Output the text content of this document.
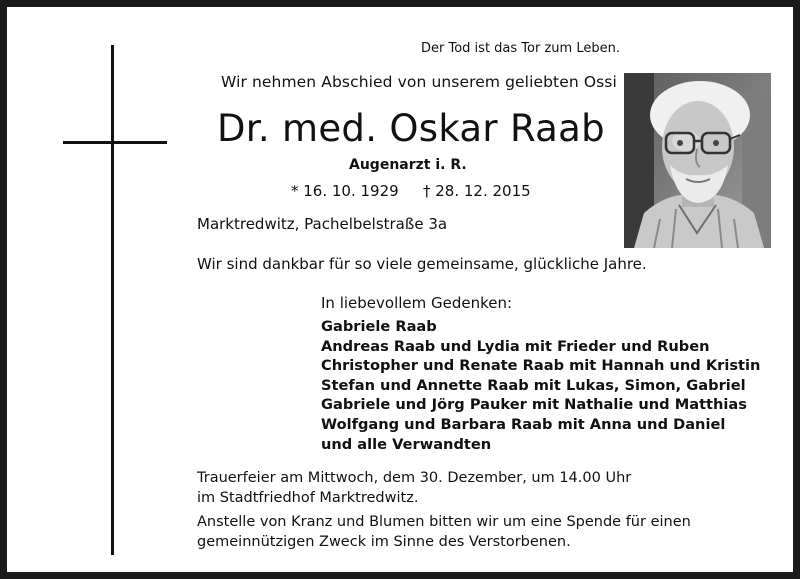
Der Tod ist das Tor zum Leben.
Wir nehmen Abschied von unserem geliebten Ossi
Dr. med. Oskar Raab
Augenarzt i. R.
* 16. 10. 1929 † 28. 12. 2015
Marktredwitz, Pachelbelstraße 3a
Wir sind dankbar für so viele gemeinsame, glückliche Jahre.
In liebevollem Gedenken:
Gabriele Raab
Andreas Raab und Lydia mit Frieder und Ruben
Christopher und Renate Raab mit Hannah und Kristin
Stefan und Annette Raab mit Lukas, Simon, Gabriel
Gabriele und Jörg Pauker mit Nathalie und Matthias
Wolfgang und Barbara Raab mit Anna und Daniel
und alle Verwandten
Trauerfeier am Mittwoch, dem 30. Dezember, um 14.00 Uhr
im Stadtfriedhof Marktredwitz.
Anstelle von Kranz und Blumen bitten wir um eine Spende für einen
gemeinnützigen Zweck im Sinne des Verstorbenen.
